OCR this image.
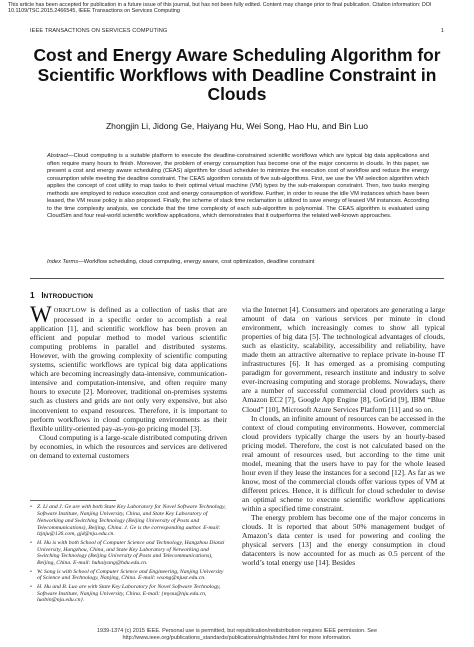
This article has been accepted for publication in a future issue of this journal, but has not been fully edited. Content may change prior to final publication. Citation information: DOI 10.1109/TSC.2015.2466545, IEEE Transactions on Services Computing
IEEE TRANSACTIONS ON SERVICES COMPUTING	1
Cost and Energy Aware Scheduling Algorithm for Scientific Workflows with Deadline Constraint in Clouds
Zhongjin Li, Jidong Ge, Haiyang Hu, Wei Song, Hao Hu, and Bin Luo
Abstract—Cloud computing is a suitable platform to execute the deadline-constrained scientific workflows which are typical big data applications and often require many hours to finish. Moreover, the problem of energy consumption has become one of the major concerns in clouds. In this paper, we present a cost and energy aware scheduling (CEAS) algorithm for cloud scheduler to minimize the execution cost of workflow and reduce the energy consumption while meeting the deadline constraint. The CEAS algorithm consists of five sub-algorithms. First, we use the VM selection algorithm which applies the concept of cost utility to map tasks to their optimal virtual machine (VM) types by the sub-makespan constraint. Then, two tasks merging methods are employed to reduce execution cost and energy consumption of workflow. Further, in order to reuse the idle VM instances which have been leased, the VM reuse policy is also proposed. Finally, the scheme of slack time reclamation is utilized to save energy of leased VM instances. According to the time complexity analysis, we conclude that the time complexity of each sub-algorithm is polynomial. The CEAS algorithm is evaluated using CloudSim and four real-world scientific workflow applications, which demonstrates that it outperforms the related well-known approaches.
Index Terms—Workflow scheduling, cloud computing, energy aware, cost optimization, deadline constraint
1 INTRODUCTION

WORKFLOW is defined as a collection of tasks that are processed in a specific order to accomplish a real application [1], and scientific workflow has been proven an efficient and popular method to model various scientific computing problems in parallel and distributed systems. However, with the growing complexity of scientific computing systems, scientific workflows are typical big data applications which are becoming increasingly data-intensive, communication-intensive and computation-intensive, and often require many hours to execute [2]. Moreover, traditional on-premises systems such as clusters and grids are not only very expensive, but also inconvenient to expand resources. Therefore, it is important to perform workflows in cloud computing environments as their flexible utility-oriented pay-as-you-go pricing model [3].

Cloud computing is a large-scale distributed computing driven by economies, in which the resources and services are delivered on demand to external customers

via the Internet [4]. Consumers and operators are generating a large amount of data on various services per minute in cloud environment, which increasingly comes to show all typical properties of big data [5]. The technological advantages of clouds, such as elasticity, scalability, accessibility and reliability, have made them an attractive alternative to replace private in-house IT infrastructures [6]. It has emerged as a promising computing paradigm for government, research institute and industry to solve ever-increasing computing and storage problems. Nowadays, there are a number of successful commercial cloud providers such as Amazon EC2 [7], Google App Engine [8], GoGrid [9], IBM “Blue Cloud” [10], Microsoft Azure Services Platform [11] and so on.

In clouds, an infinite amount of resources can be accessed in the context of cloud computing environments. However, commercial cloud providers typically charge the users by an hourly-based pricing model. Therefore, the cost is not calculated based on the real amount of resources used, but according to the time unit model, meaning that the users have to pay for the whole leased hour even if they lease the instances for a second [12]. As far as we know, most of the commercial clouds offer various types of VM at different prices. Hence, it is difficult for cloud scheduler to devise an optimal scheme to execute scientific workflow applications within a specified time constraint.

The energy problem has become one of the major concerns in clouds. It is reported that about 50% management budget of Amazon’s data center is used for powering and cooling the physical servers [13] and the energy consumption in cloud datacenters is now accounted for as much as 0.5 percent of the world’s total energy use [14]. Besides

• Z. Li and J. Ge are with both State Key Laboratory for Novel Software Technology, Software Institute, Nanjing University, China, and State Key Laboratory of Networking and Switching Technology (Beijing University of Posts and Telecommunications), Beijing, China. J. Ge is the corresponding author. E-mail: lzjnju@126.com, gjd@nju.edu.cn.
• H. Hu is with both School of Computer Science and Technology, Hangzhou Dianzi University, Hangzhou, China, and State Key Laboratory of Networking and Switching Technology (Beijing University of Posts and Telecommunications), Beijing, China. E-mail: huhaiyang@hdu.edu.cn.
• W. Song is with School of Computer Science and Engineering, Nanjing University of Science and Technology, Nanjing, China. E-mail: wsong@njust.edu.cn.
• H. Hu and B. Luo are with State Key Laboratory for Novel Software Technology, Software Institute, Nanjing University, China. E-mail: {myou@nju.edu.cn, luobin@nju.edu.cn}.
1939-1374 (c) 2015 IEEE. Personal use is permitted, but republication/redistribution requires IEEE permission. See
http://www.ieee.org/publications_standards/publications/rights/index.html for more information.
